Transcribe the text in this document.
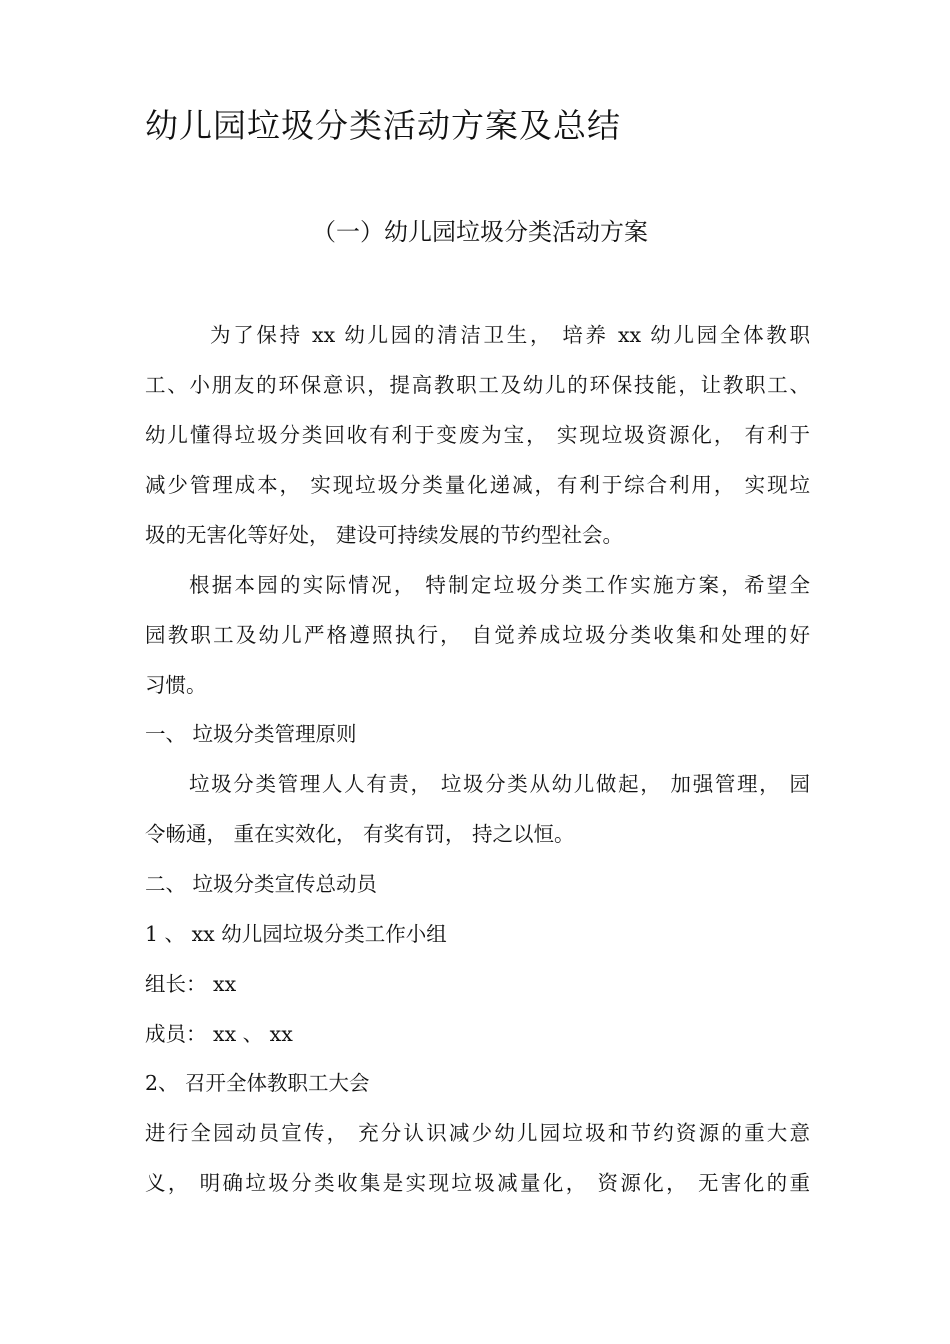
幼儿园垃圾分类活动方案及总结
（一）幼儿园垃圾分类活动方案
为了保持 xx 幼儿园的清洁卫生， 培养 xx 幼儿园全体教职
工、小朋友的环保意识，提高教职工及幼儿的环保技能，让教职工、
幼儿懂得垃圾分类回收有利于变废为宝， 实现垃圾资源化， 有利于
减少管理成本， 实现垃圾分类量化递减，有利于综合利用， 实现垃
圾的无害化等好处， 建设可持续发展的节约型社会。
根据本园的实际情况， 特制定垃圾分类工作实施方案，希望全
园教职工及幼儿严格遵照执行， 自觉养成垃圾分类收集和处理的好
习惯。
一、 垃圾分类管理原则
垃圾分类管理人人有责， 垃圾分类从幼儿做起， 加强管理， 园
令畅通， 重在实效化， 有奖有罚， 持之以恒。
二、 垃圾分类宣传总动员
1 、 xx 幼儿园垃圾分类工作小组
组长： xx
成员： xx 、 xx
2、 召开全体教职工大会
进行全园动员宣传， 充分认识减少幼儿园垃圾和节约资源的重大意
义， 明确垃圾分类收集是实现垃圾减量化， 资源化， 无害化的重
